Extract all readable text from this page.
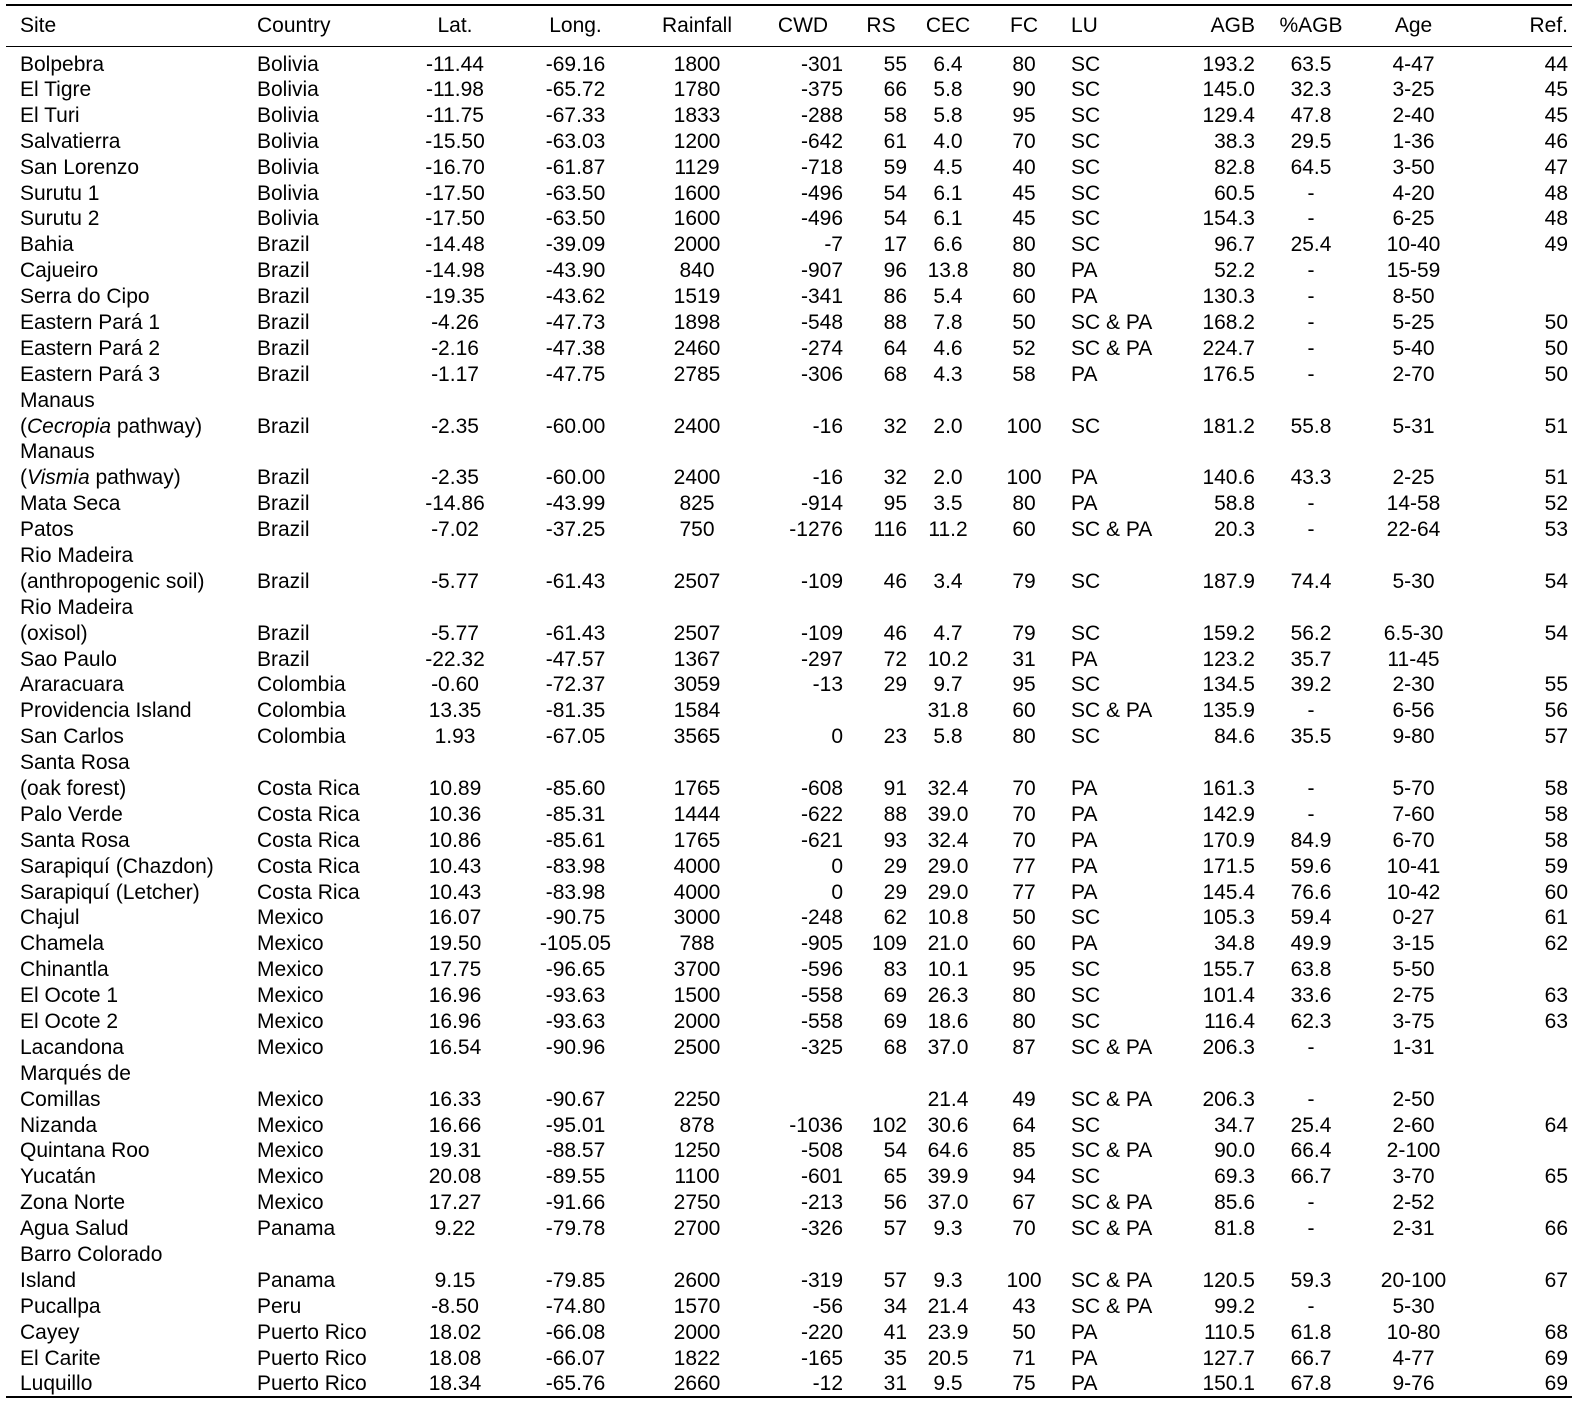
Site	Country	Lat.	Long.	Rainfall	CWD	RS	CEC	FC	LU	AGB	%AGB	Age	Ref.
Bolpebra	Bolivia	-11.44	-69.16	1800	-301	55	6.4	80	SC	193.2	63.5	4-47	44
El Tigre	Bolivia	-11.98	-65.72	1780	-375	66	5.8	90	SC	145.0	32.3	3-25	45
El Turi	Bolivia	-11.75	-67.33	1833	-288	58	5.8	95	SC	129.4	47.8	2-40	45
Salvatierra	Bolivia	-15.50	-63.03	1200	-642	61	4.0	70	SC	38.3	29.5	1-36	46
San Lorenzo	Bolivia	-16.70	-61.87	1129	-718	59	4.5	40	SC	82.8	64.5	3-50	47
Surutu 1	Bolivia	-17.50	-63.50	1600	-496	54	6.1	45	SC	60.5	-	4-20	48
Surutu 2	Bolivia	-17.50	-63.50	1600	-496	54	6.1	45	SC	154.3	-	6-25	48
Bahia	Brazil	-14.48	-39.09	2000	-7	17	6.6	80	SC	96.7	25.4	10-40	49
Cajueiro	Brazil	-14.98	-43.90	840	-907	96	13.8	80	PA	52.2	-	15-59	
Serra do Cipo	Brazil	-19.35	-43.62	1519	-341	86	5.4	60	PA	130.3	-	8-50	
Eastern Pará 1	Brazil	-4.26	-47.73	1898	-548	88	7.8	50	SC & PA	168.2	-	5-25	50
Eastern Pará 2	Brazil	-2.16	-47.38	2460	-274	64	4.6	52	SC & PA	224.7	-	5-40	50
Eastern Pará 3	Brazil	-1.17	-47.75	2785	-306	68	4.3	58	PA	176.5	-	2-70	50
Manaus													
(Cecropia pathway)	Brazil	-2.35	-60.00	2400	-16	32	2.0	100	SC	181.2	55.8	5-31	51
Manaus													
(Vismia pathway)	Brazil	-2.35	-60.00	2400	-16	32	2.0	100	PA	140.6	43.3	2-25	51
Mata Seca	Brazil	-14.86	-43.99	825	-914	95	3.5	80	PA	58.8	-	14-58	52
Patos	Brazil	-7.02	-37.25	750	-1276	116	11.2	60	SC & PA	20.3	-	22-64	53
Rio Madeira													
(anthropogenic soil)	Brazil	-5.77	-61.43	2507	-109	46	3.4	79	SC	187.9	74.4	5-30	54
Rio Madeira													
(oxisol)	Brazil	-5.77	-61.43	2507	-109	46	4.7	79	SC	159.2	56.2	6.5-30	54
Sao Paulo	Brazil	-22.32	-47.57	1367	-297	72	10.2	31	PA	123.2	35.7	11-45	
Araracuara	Colombia	-0.60	-72.37	3059	-13	29	9.7	95	SC	134.5	39.2	2-30	55
Providencia Island	Colombia	13.35	-81.35	1584			31.8	60	SC & PA	135.9	-	6-56	56
San Carlos	Colombia	1.93	-67.05	3565	0	23	5.8	80	SC	84.6	35.5	9-80	57
Santa Rosa													
(oak forest)	Costa Rica	10.89	-85.60	1765	-608	91	32.4	70	PA	161.3	-	5-70	58
Palo Verde	Costa Rica	10.36	-85.31	1444	-622	88	39.0	70	PA	142.9	-	7-60	58
Santa Rosa	Costa Rica	10.86	-85.61	1765	-621	93	32.4	70	PA	170.9	84.9	6-70	58
Sarapiquí (Chazdon)	Costa Rica	10.43	-83.98	4000	0	29	29.0	77	PA	171.5	59.6	10-41	59
Sarapiquí (Letcher)	Costa Rica	10.43	-83.98	4000	0	29	29.0	77	PA	145.4	76.6	10-42	60
Chajul	Mexico	16.07	-90.75	3000	-248	62	10.8	50	SC	105.3	59.4	0-27	61
Chamela	Mexico	19.50	-105.05	788	-905	109	21.0	60	PA	34.8	49.9	3-15	62
Chinantla	Mexico	17.75	-96.65	3700	-596	83	10.1	95	SC	155.7	63.8	5-50	
El Ocote 1	Mexico	16.96	-93.63	1500	-558	69	26.3	80	SC	101.4	33.6	2-75	63
El Ocote 2	Mexico	16.96	-93.63	2000	-558	69	18.6	80	SC	116.4	62.3	3-75	63
Lacandona	Mexico	16.54	-90.96	2500	-325	68	37.0	87	SC & PA	206.3	-	1-31	
Marqués de													
Comillas	Mexico	16.33	-90.67	2250			21.4	49	SC & PA	206.3	-	2-50	
Nizanda	Mexico	16.66	-95.01	878	-1036	102	30.6	64	SC	34.7	25.4	2-60	64
Quintana Roo	Mexico	19.31	-88.57	1250	-508	54	64.6	85	SC & PA	90.0	66.4	2-100	
Yucatán	Mexico	20.08	-89.55	1100	-601	65	39.9	94	SC	69.3	66.7	3-70	65
Zona Norte	Mexico	17.27	-91.66	2750	-213	56	37.0	67	SC & PA	85.6	-	2-52	
Agua Salud	Panama	9.22	-79.78	2700	-326	57	9.3	70	SC & PA	81.8	-	2-31	66
Barro Colorado													
Island	Panama	9.15	-79.85	2600	-319	57	9.3	100	SC & PA	120.5	59.3	20-100	67
Pucallpa	Peru	-8.50	-74.80	1570	-56	34	21.4	43	SC & PA	99.2	-	5-30	
Cayey	Puerto Rico	18.02	-66.08	2000	-220	41	23.9	50	PA	110.5	61.8	10-80	68
El Carite	Puerto Rico	18.08	-66.07	1822	-165	35	20.5	71	PA	127.7	66.7	4-77	69
Luquillo	Puerto Rico	18.34	-65.76	2660	-12	31	9.5	75	PA	150.1	67.8	9-76	69
